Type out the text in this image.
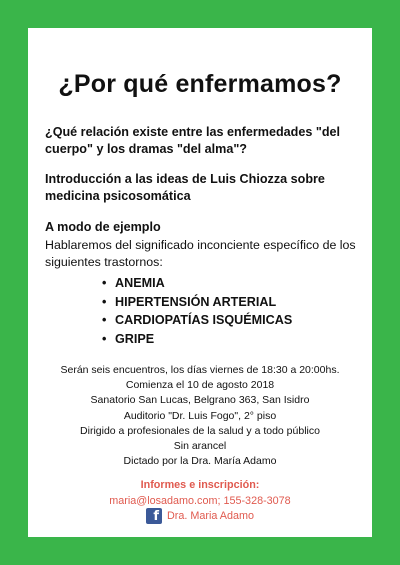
¿Por qué enfermamos?
¿Qué relación existe entre las enfermedades "del cuerpo" y los dramas "del alma"?
Introducción a las ideas de Luis Chiozza sobre medicina psicosomática
A modo de ejemplo
Hablaremos del significado inconciente específico de los siguientes trastornos:
• ANEMIA
• HIPERTENSIÓN ARTERIAL
• CARDIOPATÍAS ISQUÉMICAS
• GRIPE
Serán seis encuentros, los días viernes de 18:30 a 20:00hs.
Comienza el 10 de agosto 2018
Sanatorio San Lucas, Belgrano 363, San Isidro
Auditorio "Dr. Luis Fogo", 2° piso
Dirigido a profesionales de la salud y a todo público
Sin arancel
Dictado por la Dra. María Adamo
Informes e inscripción:
maria@losadamo.com; 155-328-3078
f Dra. Maria Adamo
